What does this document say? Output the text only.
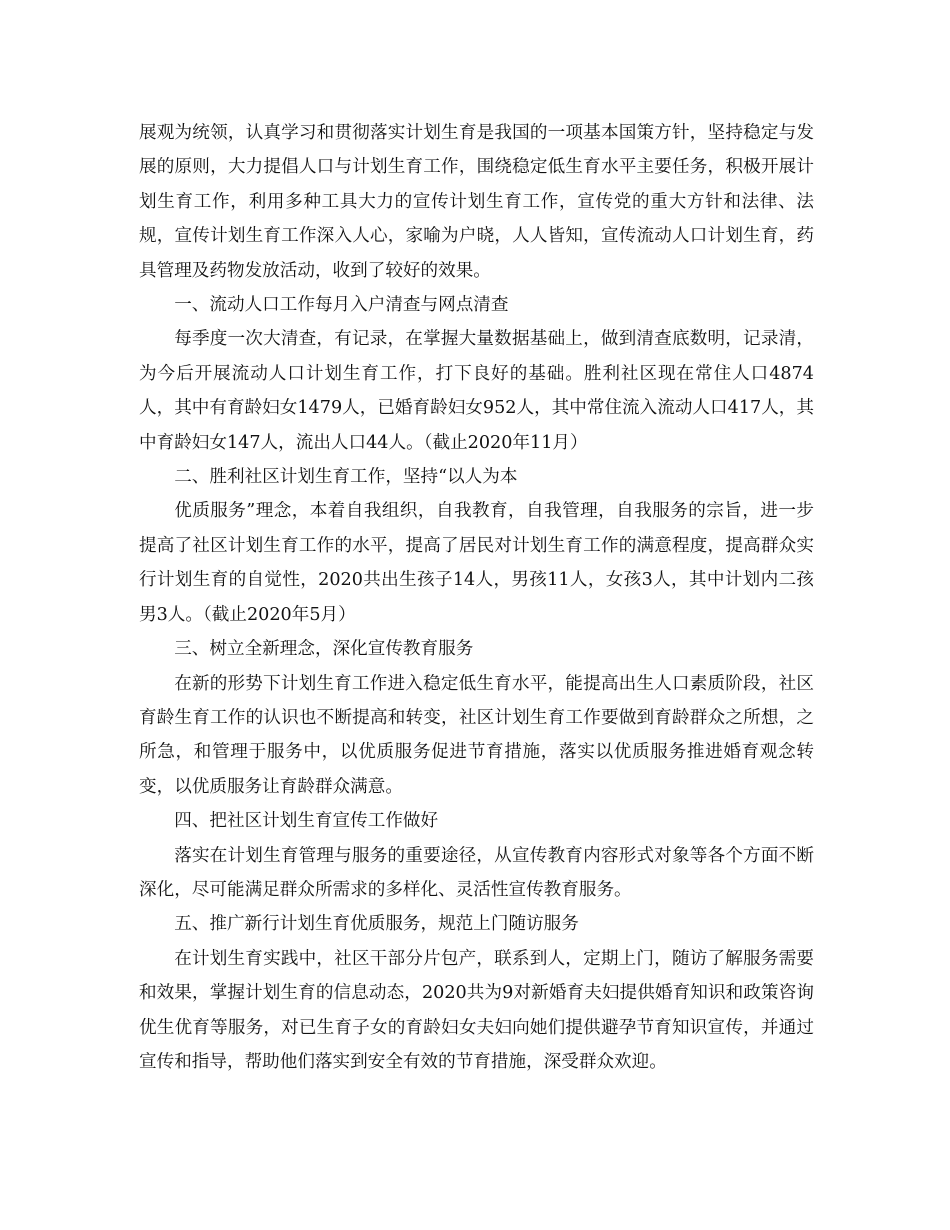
展观为统领，认真学习和贯彻落实计划生育是我国的一项基本国策方针，坚持稳定与发展的原则，大力提倡人口与计划生育工作，围绕稳定低生育水平主要任务，积极开展计划生育工作，利用多种工具大力的宣传计划生育工作，宣传党的重大方针和法律、法规，宣传计划生育工作深入人心，家喻为户晓，人人皆知，宣传流动人口计划生育，药具管理及药物发放活动，收到了较好的效果。

一、流动人口工作每月入户清查与网点清查

每季度一次大清查，有记录，在掌握大量数据基础上，做到清查底数明，记录清，为今后开展流动人口计划生育工作，打下良好的基础。胜利社区现在常住人口4874人，其中有育龄妇女1479人，已婚育龄妇女952人，其中常住流入流动人口417人，其中育龄妇女147人，流出人口44人。（截止2020年11月）

二、胜利社区计划生育工作，坚持“以人为本

优质服务”理念，本着自我组织，自我教育，自我管理，自我服务的宗旨，进一步提高了社区计划生育工作的水平，提高了居民对计划生育工作的满意程度，提高群众实行计划生育的自觉性，2020共出生孩子14人，男孩11人，女孩3人，其中计划内二孩男3人。（截止2020年5月）

三、树立全新理念，深化宣传教育服务

在新的形势下计划生育工作进入稳定低生育水平，能提高出生人口素质阶段，社区育龄生育工作的认识也不断提高和转变，社区计划生育工作要做到育龄群众之所想，之所急，和管理于服务中，以优质服务促进节育措施，落实以优质服务推进婚育观念转变，以优质服务让育龄群众满意。

四、把社区计划生育宣传工作做好

落实在计划生育管理与服务的重要途径，从宣传教育内容形式对象等各个方面不断深化，尽可能满足群众所需求的多样化、灵活性宣传教育服务。

五、推广新行计划生育优质服务，规范上门随访服务

在计划生育实践中，社区干部分片包产，联系到人，定期上门，随访了解服务需要和效果，掌握计划生育的信息动态，2020共为9对新婚育夫妇提供婚育知识和政策咨询优生优育等服务，对已生育子女的育龄妇女夫妇向她们提供避孕节育知识宣传，并通过宣传和指导，帮助他们落实到安全有效的节育措施，深受群众欢迎。
